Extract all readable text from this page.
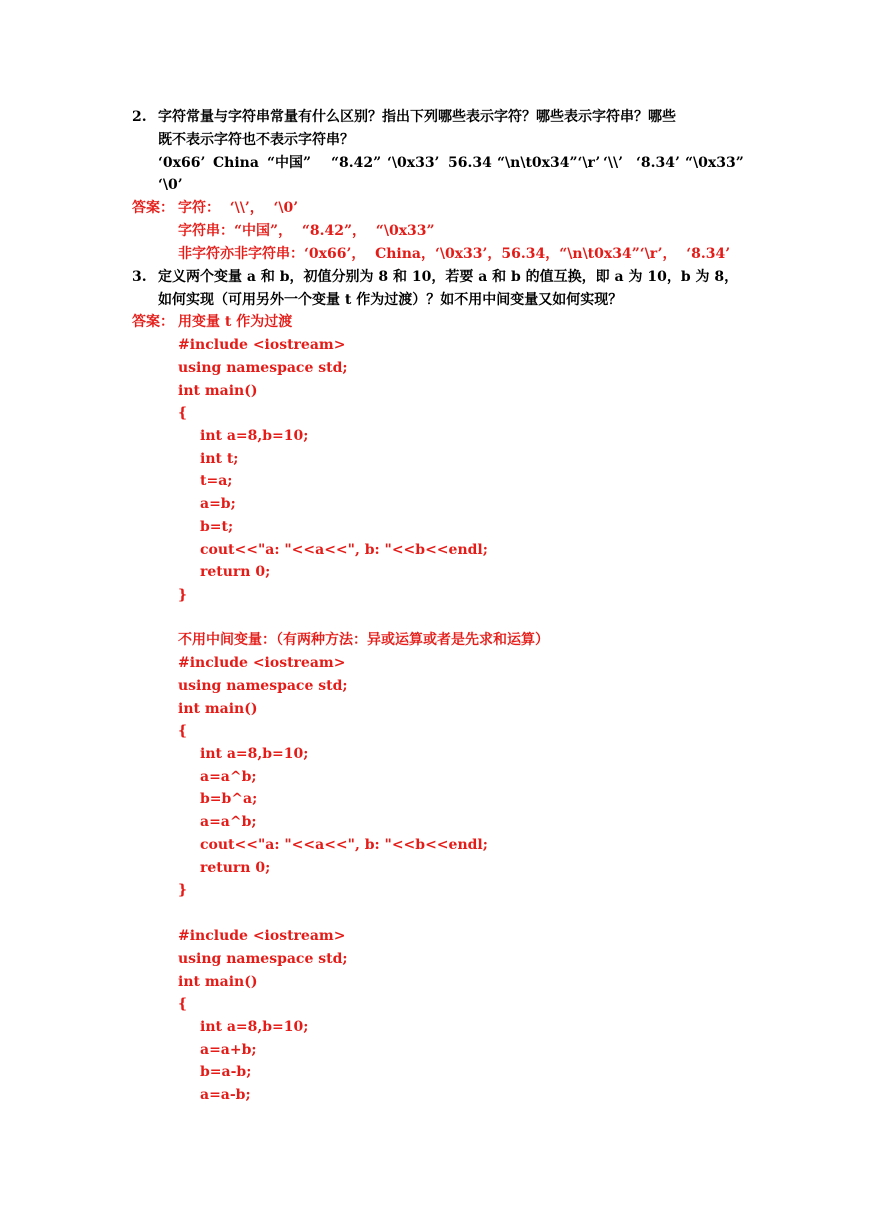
2. 字符常量与字符串常量有什么区别？指出下列哪些表示字符？哪些表示字符串？哪些
既不表示字符也不表示字符串？
‘0x66’ China “中国” “8.42” ‘\0x33’ 56.34 “\n\t0x34”‘\r’ ‘\\’ ‘8.34’ “\0x33”
‘\0’
答案： 字符：  ‘\\’，  ‘\0’
字符串：“中国”，  “8.42”，  “\0x33”
非字符亦非字符串：‘0x66’，  China，‘\0x33’，56.34，“\n\t0x34”‘\r’，  ‘8.34’
3. 定义两个变量 a 和 b，初值分别为 8 和 10，若要 a 和 b 的值互换，即 a 为 10，b 为 8，
如何实现（可用另外一个变量 t 作为过渡）？如不用中间变量又如何实现？
答案： 用变量 t 作为过渡
#include <iostream>
using namespace std;
int main()
{
int a=8,b=10;
int t;
t=a;
a=b;
b=t;
cout<<"a: "<<a<<", b: "<<b<<endl;
return 0;
}
不用中间变量：（有两种方法：异或运算或者是先求和运算）
#include <iostream>
using namespace std;
int main()
{
int a=8,b=10;
a=a^b;
b=b^a;
a=a^b;
cout<<"a: "<<a<<", b: "<<b<<endl;
return 0;
}
#include <iostream>
using namespace std;
int main()
{
int a=8,b=10;
a=a+b;
b=a-b;
a=a-b;
